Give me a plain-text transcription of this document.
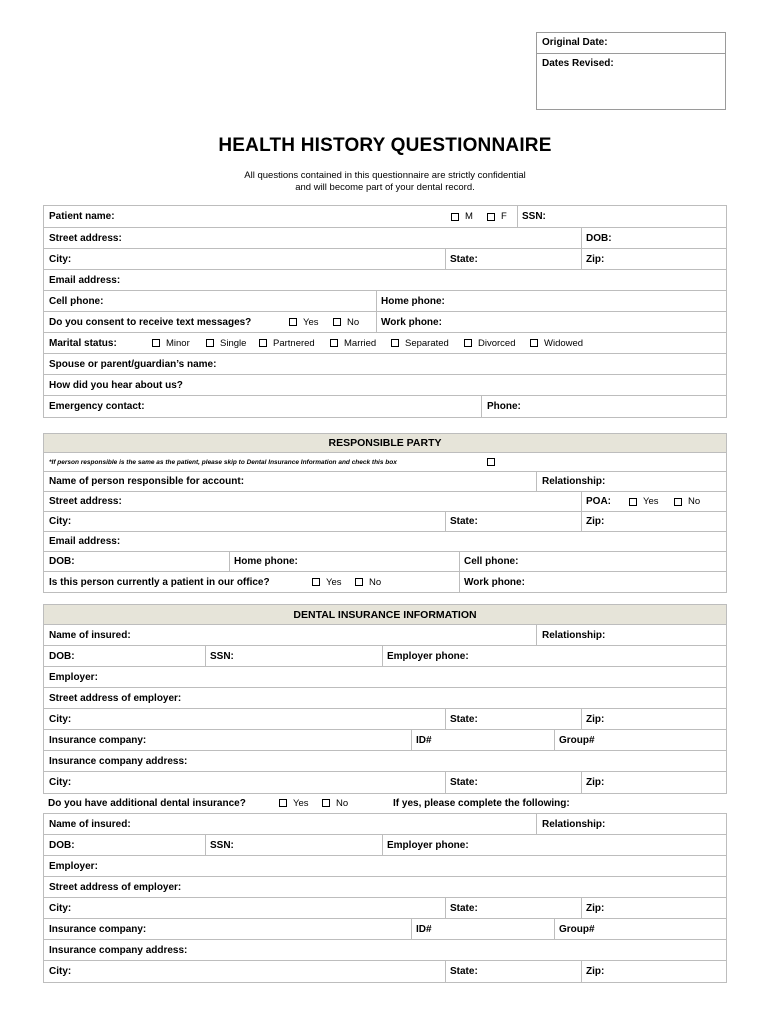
Original Date:
Dates Revised:
HEALTH HISTORY QUESTIONNAIRE
All questions contained in this questionnaire are strictly confidential
and will become part of your dental record.
Patient name:	M	F SSN:
Street address:	DOB:
City:	State:	Zip:
Email address:
Cell phone:	Home phone:
Do you consent to receive text messages?	Yes	No Work phone:
Marital status:	Minor	Single	Partnered	Married	Separated	Divorced	Widowed
Spouse or parent/guardian’s name:
How did you hear about us?
Emergency contact:	Phone:
RESPONSIBLE PARTY
*If person responsible is the same as the patient, please skip to Dental Insurance Information and check this box
Name of person responsible for account:	Relationship:
Street address:	POA:	Yes	No
City:	State:	Zip:
Email address:
DOB:	Home phone:	Cell phone:
Is this person currently a patient in our office?	Yes	No	Work phone:
DENTAL INSURANCE INFORMATION
Name of insured:	Relationship:
DOB:	SSN:	Employer phone:
Employer:
Street address of employer:
City:	State:	Zip:
Insurance company:	ID#	Group#
Insurance company address:
City:	State:	Zip:
Do you have additional dental insurance?	Yes	No	If yes, please complete the following:
Name of insured:	Relationship:
DOB:	SSN:	Employer phone:
Employer:
Street address of employer:
City:	State:	Zip:
Insurance company:	ID#	Group#
Insurance company address:
City:	State:	Zip:
